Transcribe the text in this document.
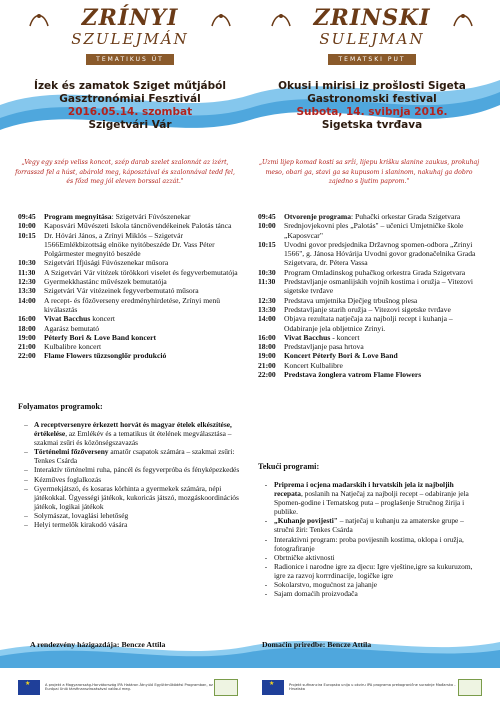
ZRÍNYI
SZULEJMÁN
TEMATIKUS ÚT
Ízek és zamatok Sziget műtjából
Gasztronómiai Fesztivál
2016.05.14. szombat
Szigetvári Vár
ZRINSKI
SULEJMAN
TEMATSKI PUT
Okusi i mirisi iz prošlosti Sigeta
Gastronomski festival
Subota, 14. svibnja 2016.
Sigetska tvrđava
„Vegy egy szép veliss koncot, szép darab szelet szalonnát az izért, forrasszd fel a húst, abárold meg, káposztával és szalonnával tedd fel, és főzd meg jól eleven borssal azzát."
„Uzmi lijep komad kosti sa srži, lijepu krišku slanine zaukus, prokuhaj meso, obari ga, stavi ga sa kupusom i slaninom, nakuhaj ga dobro zajedno s ljutim paprom."
09:45	Program megnyitása: Szigetvári Fúvószenekar
10:00	Kaposvári Művészeti Iskola táncnövendékeinek Palotás tánca
10:15	Dr. Hóvári János, a Zrínyi Miklós – Szigetvár 1566Emlékbizottság elnöke nyitóbeszéde Dr. Vass Péter Polgármester megnyitó beszéde
10:30	Szigetvári Ifjúsági Fúvószenekar műsora
11:30	A Szigetvári Vár vitézek törökkori viselet és fegyverbemutatója
12:30	Gyermekkhastánc művészek bemutatója
13:30	Szigetvári Vár vitézeinek fegyverbemutató műsora
14:00	A recept- és főzőverseny eredményhirdetése, Zrínyi menü kiválasztás
16:00	Vivat Bacchus koncert
18:00	Agarász bemutató
19:00	Péterfy Bori & Love Band koncert
21:00	Kulbalibre koncert
22:00	Flame Flowers tűzzsonglőr produkció
09:45	Otvorenje programa: Puhački orkestar Grada Szigetvara
10:00	Srednjovjekovni ples „Palotás" – učenici Umjetničke škole „Kaposvcar"
10:15	Uvodni govor predsjednika Državnog spomen-odbora „Zrinyi 1566", g. Jánosa Hóvárija Uvodni govor gradonačelnika Grada Szigetvara, dr. Pétera Vassa
10:30	Program Omladinskog puhačkog orkestra Grada Szigetvara
11:30	Predstavljanje osmanlijskih vojnih kostima i oružja – Vitezovi sigetske tvrđave
12:30	Predstava umjetnika Dječjeg trbušnog plesa
13:30	Predstavljanje starih oružja – Vitezovi sigetske tvrđave
14:00	Objava rezultata natječaja za najbolji recept i kuhanja – Odabiranje jela obljetnice Zrinyi.
16:00	Vivat Bacchus - koncert
18:00	Predstavljanje pasa hrtova
19:00	Koncert Péterfy Bori & Love Band
21:00	Koncert Kulbalibre
22:00	Predstava žonglera vatrom Flame Flowers
Folyamatos programok:
Tekući programi:
– A receptversenyre érkezett horvát és magyar ételek elkészítése, értékelése, az Emlékév és a tematikus út ételének megválasztása – szakmai zsűri és közönségszavazás
– Történelmi főzőverseny amatőr csapatok számára – szakmai zsűri: Tenkes Csárda
– Interaktív történelmi ruha, páncél és fegyverpróba és fényképezkedés
– Kézműves foglalkozás
– Gyermekjátszó, és kosaras körhinta a gyermekek számára, népi játékokkal. Ügyességi játékok, kukoricás játszó, mozgáskoordinációs játékok, logikai játékok
– Solymászat, lovaglási lehetőség
– Helyi termelők kirakodó vására
- Priprema i ocjena mađarskih i hrvatskih jela iz najboljih recepata, poslanih na Natječaj za najbolji recept – odabiranje jela Spomen-godine i Tematskog puta – proglašenje Stručnog žirija i publike.
- „Kuhanje povijesti" – natječaj u kuhanju za amaterske grupe – stručni žiri: Tenkes Csárda
- Interaktivni program: proba povijesnih kostima, oklopa i oružja, fotografiranje
- Obrtničke aktivnosti
- Radionice i narodne igre za djecu: Igre vještine,igre sa kukuruzom, igre za razvoj korrrdinacije, logičke igre
- Sokolarstvo, mogućnost za jahanje
- Sajam domaćih proizvođača
A rendezvény házigazdája: Bencze Attila	Domaćin priredbe: Bencze Attila
★	A projekt a Magyarország-Horvátország IPA Határon Átnyúló Együttműködési Programban, az Európai Unió társfinanszírozásával valósul meg.
★	Projekt sufinancira Europska unija u okviru IPA programa prekogranične suradnje Mađarska - Hrvatska
